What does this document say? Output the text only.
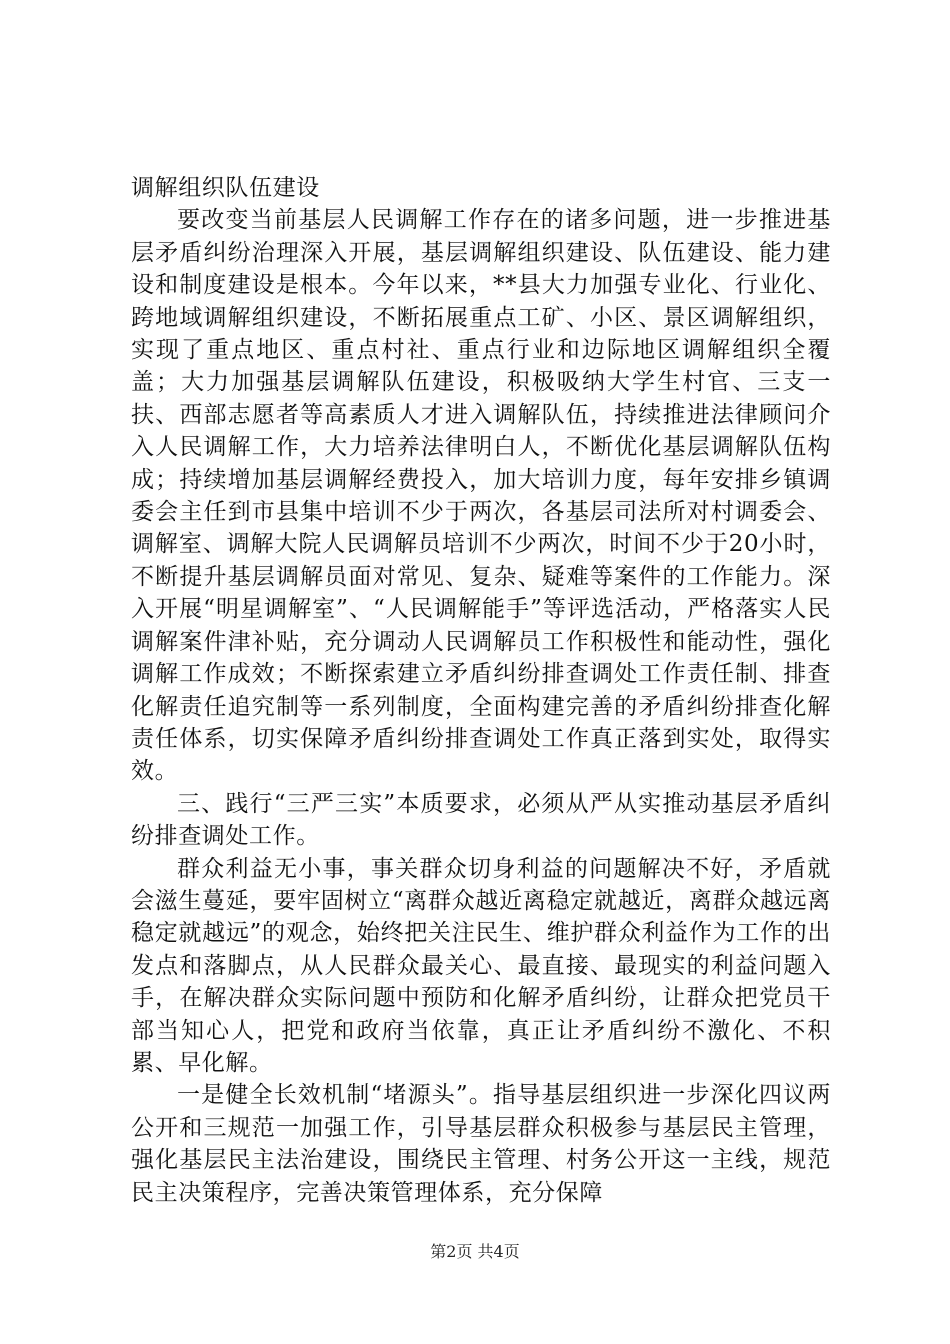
调解组织队伍建设

要改变当前基层人民调解工作存在的诸多问题，进一步推进基层矛盾纠纷治理深入开展，基层调解组织建设、队伍建设、能力建设和制度建设是根本。今年以来，**县大力加强专业化、行业化、跨地域调解组织建设，不断拓展重点工矿、小区、景区调解组织，实现了重点地区、重点村社、重点行业和边际地区调解组织全覆盖；大力加强基层调解队伍建设，积极吸纳大学生村官、三支一扶、西部志愿者等高素质人才进入调解队伍，持续推进法律顾问介入人民调解工作，大力培养法律明白人，不断优化基层调解队伍构成；持续增加基层调解经费投入，加大培训力度，每年安排乡镇调委会主任到市县集中培训不少于两次，各基层司法所对村调委会、调解室、调解大院人民调解员培训不少两次，时间不少于20小时，不断提升基层调解员面对常见、复杂、疑难等案件的工作能力。深入开展“明星调解室”、“人民调解能手”等评选活动，严格落实人民调解案件津补贴，充分调动人民调解员工作积极性和能动性，强化调解工作成效；不断探索建立矛盾纠纷排查调处工作责任制、排查化解责任追究制等一系列制度，全面构建完善的矛盾纠纷排查化解责任体系，切实保障矛盾纠纷排查调处工作真正落到实处，取得实效。

三、践行“三严三实”本质要求，必须从严从实推动基层矛盾纠纷排查调处工作。

群众利益无小事，事关群众切身利益的问题解决不好，矛盾就会滋生蔓延，要牢固树立“离群众越近离稳定就越近，离群众越远离稳定就越远”的观念，始终把关注民生、维护群众利益作为工作的出发点和落脚点，从人民群众最关心、最直接、最现实的利益问题入手，在解决群众实际问题中预防和化解矛盾纠纷，让群众把党员干部当知心人，把党和政府当依靠，真正让矛盾纠纷不激化、不积累、早化解。

一是健全长效机制“堵源头”。指导基层组织进一步深化四议两公开和三规范一加强工作，引导基层群众积极参与基层民主管理，强化基层民主法治建设，围绕民主管理、村务公开这一主线，规范民主决策程序，完善决策管理体系，充分保障

第2页 共4页
